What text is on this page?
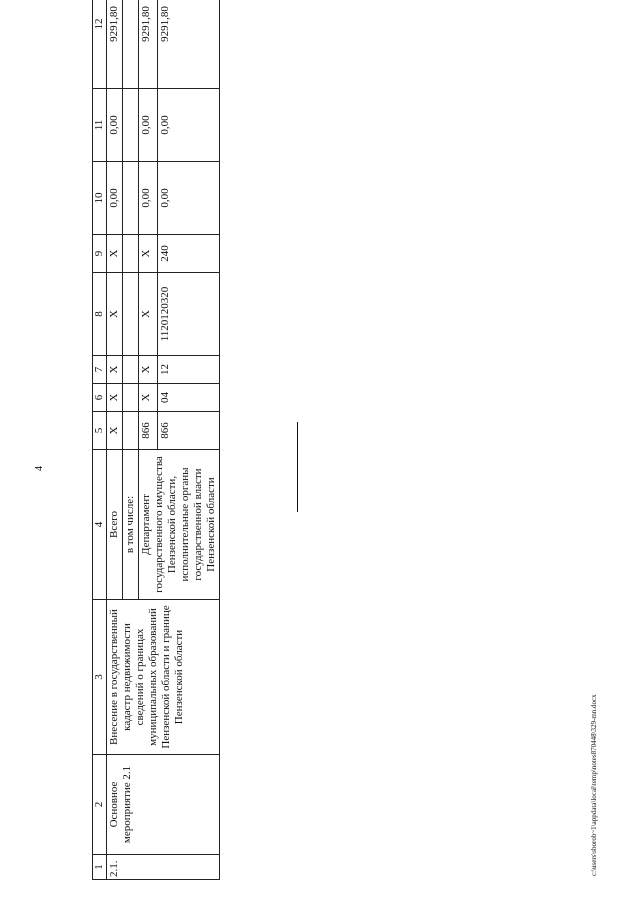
4
c:\users\sborob~1\appdata\local\temp\notes870448\329-mn.docx
1	2	3	4	5	6	7	8	9	10	11	12
2.1.	Основное мероприятие 2.1	Внесение в государственный кадастр недвижимости сведений о границах муниципальных образований Пензенской области и границе Пензенской области	Всего	X	X	X	X	X	0,00	0,00	9291,80
			в том числе:								
			Департамент государственного имущества Пензенской области, исполнительные органы государственной власти Пензенской области	866	X	X	X	X	0,00	0,00	9291,80
				866	04	12	1120120320	240	0,00	0,00	9291,80
